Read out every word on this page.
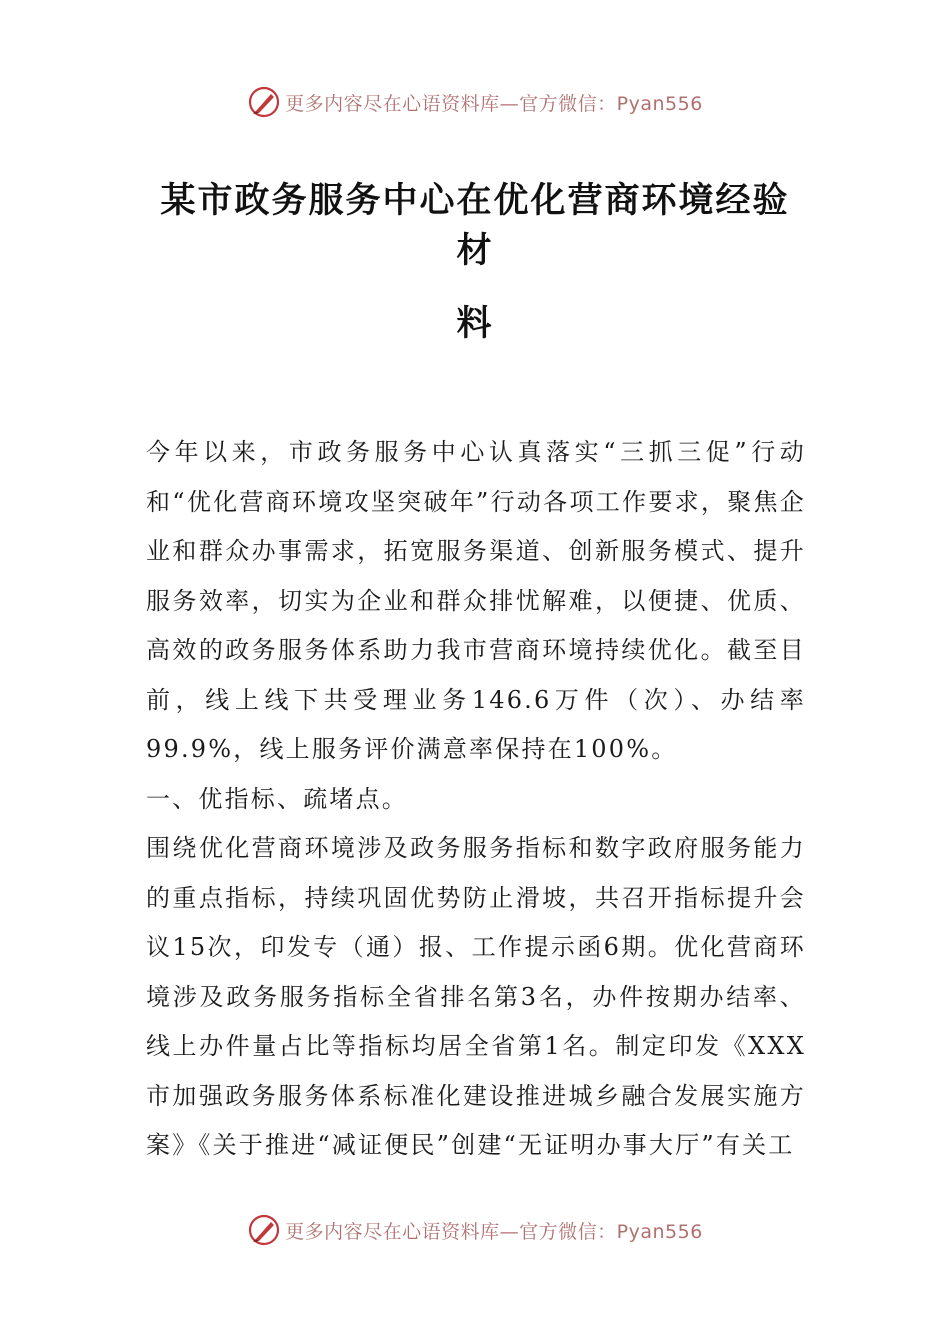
更多内容尽在心语资料库—官方微信：Pyan556
某市政务服务中心在优化营商环境经验材
料

今年以来，市政务服务中心认真落实“三抓三促”行动和“优化营商环境攻坚突破年”行动各项工作要求，聚焦企业和群众办事需求，拓宽服务渠道、创新服务模式、提升服务效率，切实为企业和群众排忧解难，以便捷、优质、高效的政务服务体系助力我市营商环境持续优化。截至目前，线上线下共受理业务146.6万件（次）、办结率99.9%，线上服务评价满意率保持在100%。

一、优指标、疏堵点。

围绕优化营商环境涉及政务服务指标和数字政府服务能力的重点指标，持续巩固优势防止滑坡，共召开指标提升会议15次，印发专（通）报、工作提示函6期。优化营商环境涉及政务服务指标全省排名第3名，办件按期办结率、线上办件量占比等指标均居全省第1名。制定印发《XXX市加强政务服务体系标准化建设推进城乡融合发展实施方案》《关于推进“减证便民”创建“无证明办事大厅”有关工

更多内容尽在心语资料库—官方微信：Pyan556
